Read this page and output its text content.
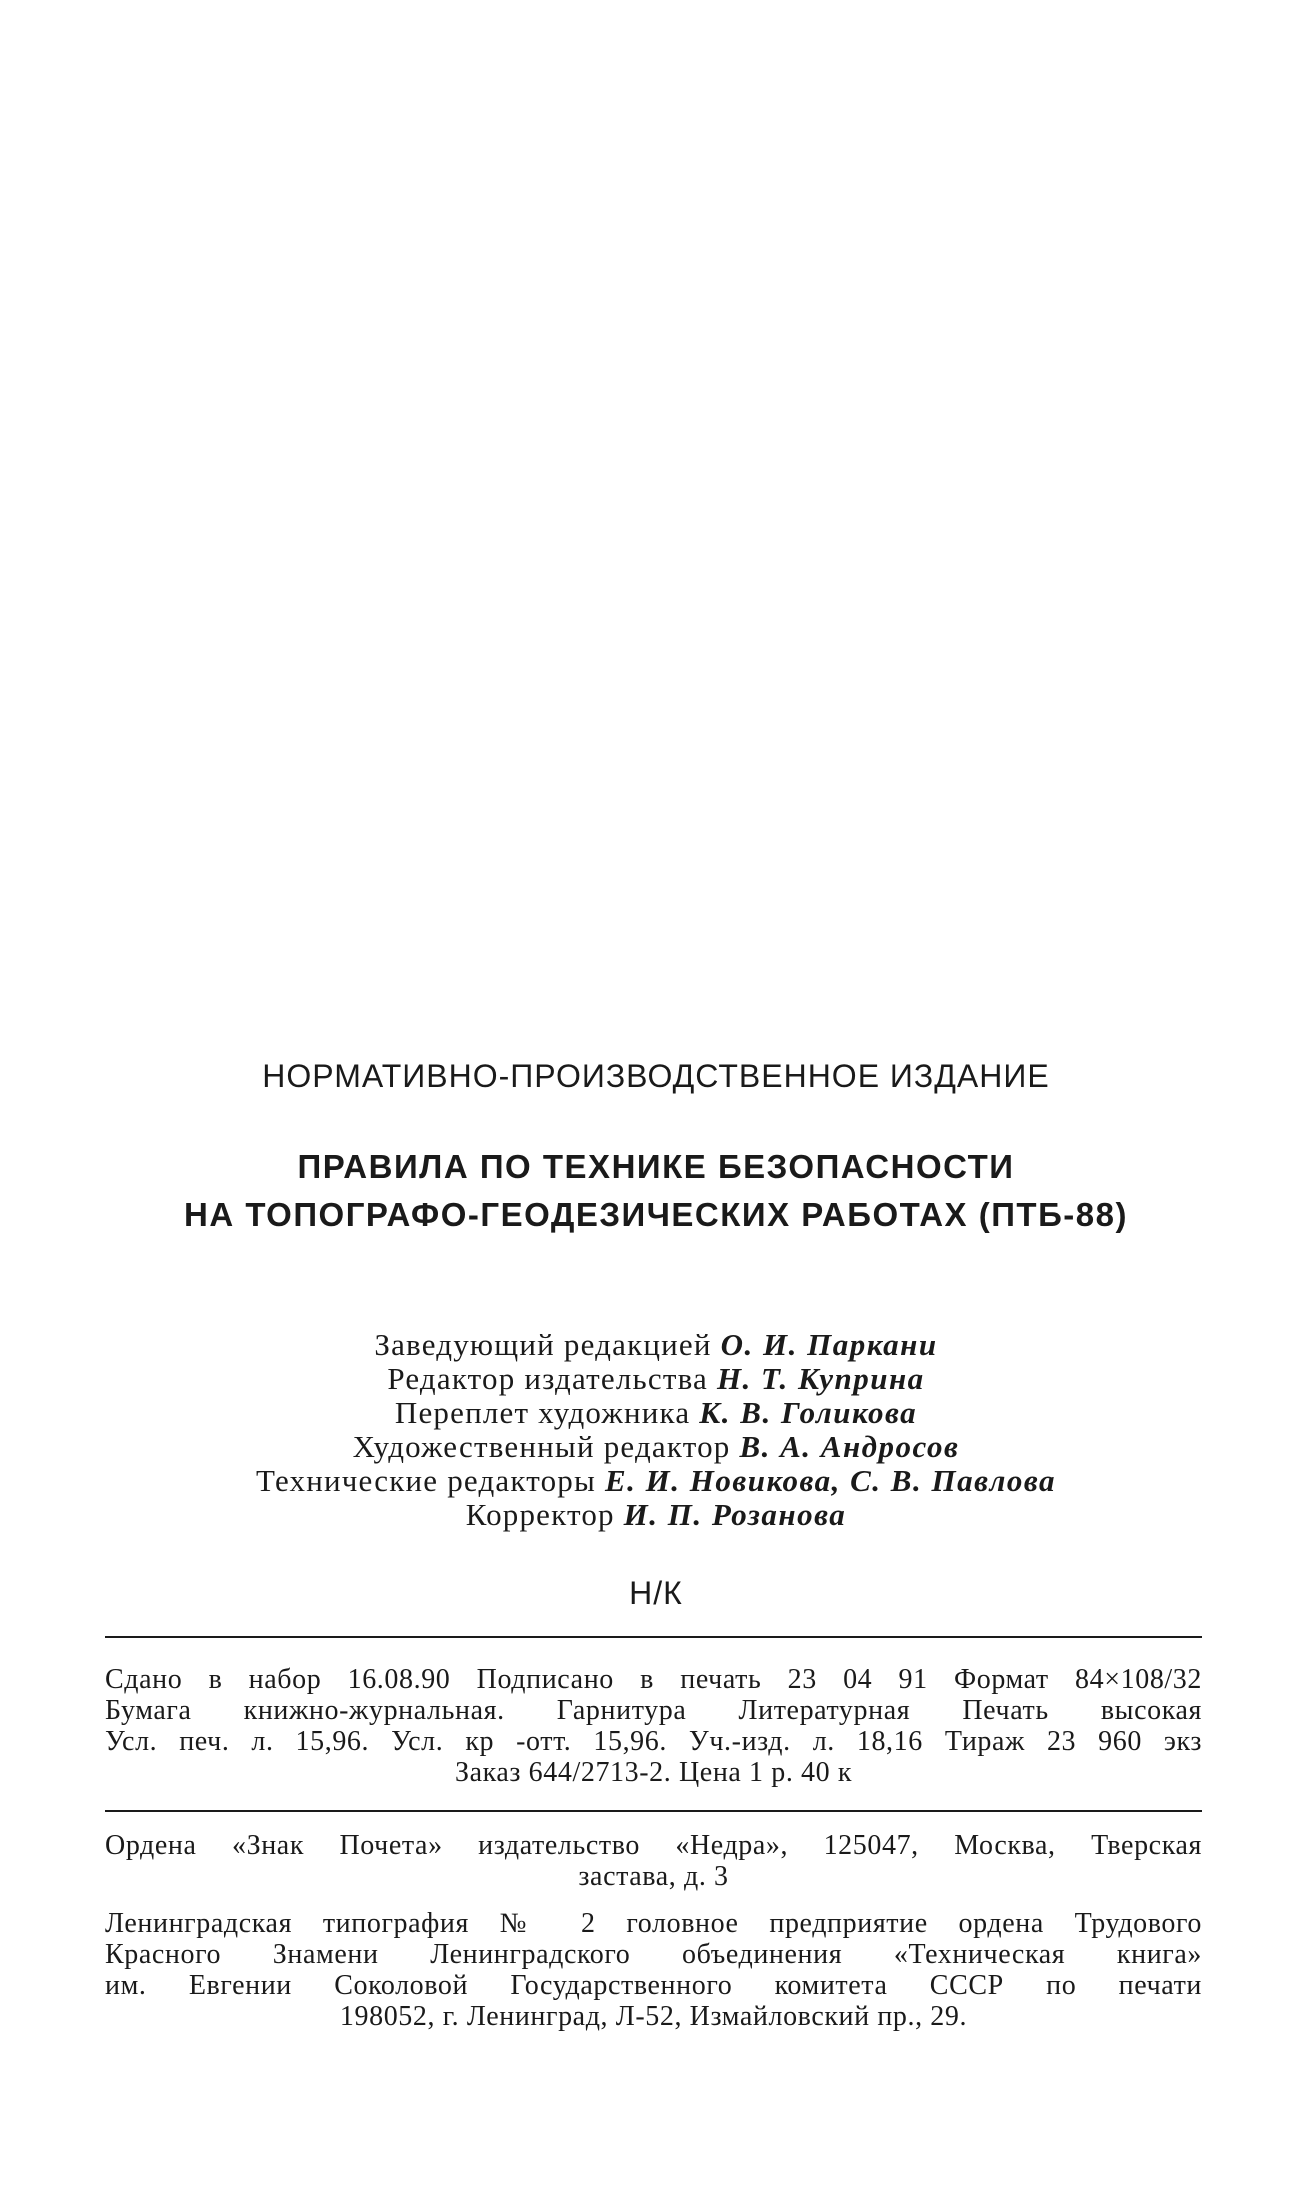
НОРМАТИВНО-ПРОИЗВОДСТВЕННОЕ ИЗДАНИЕ
ПРАВИЛА ПО ТЕХНИКЕ БЕЗОПАСНОСТИ
НА ТОПОГРАФО-ГЕОДЕЗИЧЕСКИХ РАБОТАХ (ПТБ-88)
Заведующий редакцией О. И. Паркани
Редактор издательства Н. Т. Куприна
Переплет художника К. В. Голикова
Художественный редактор В. А. Андросов
Технические редакторы Е. И. Новикова, С. В. Павлова
Корректор И. П. Розанова
Н/К
Сдано в набор 16.08.90 Подписано в печать 23 04 91 Формат 84×108/32
Бумага книжно-журнальная. Гарнитура Литературная Печать высокая
Усл. печ. л. 15,96. Усл. кр -отт. 15,96. Уч.-изд. л. 18,16 Тираж 23 960 экз
Заказ 644/2713-2. Цена 1 р. 40 к
Ордена «Знак Почета» издательство «Недра», 125047, Москва, Тверская
застава, д. 3
Ленинградская типография № 2 головное предприятие ордена Трудового
Красного Знамени Ленинградского объединения «Техническая книга»
им. Евгении Соколовой Государственного комитета СССР по печати
198052, г. Ленинград, Л-52, Измайловский пр., 29.
